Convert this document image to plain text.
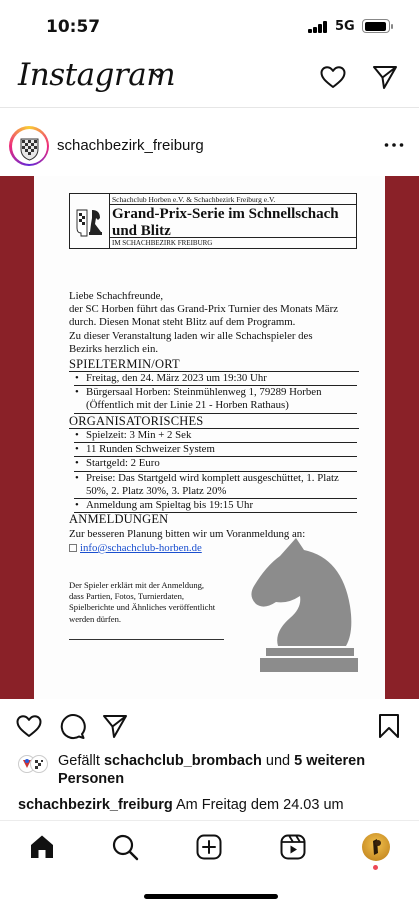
10:57	5G
Instagram
schachbezirk_freiburg
Schachclub Horben e.V. & Schachbezirk Freiburg e.V.
Grand-Prix-Serie im Schnellschach und Blitz
IM SCHACHBEZIRK FREIBURG
Liebe Schachfreunde,
der SC Horben führt das Grand-Prix Turnier des Monats März
durch. Diesen Monat steht Blitz auf dem Programm.
Zu dieser Veranstaltung laden wir alle Schachspieler des
Bezirks herzlich ein.
SPIELTERMIN/ORT
• Freitag, den 24. März 2023 um 19:30 Uhr
• Bürgersaal Horben: Steinmühlenweg 1, 79289 Horben (Öffentlich mit der Linie 21 - Horben Rathaus)
ORGANISATORISCHES
• Spielzeit: 3 Min + 2 Sek
• 11 Runden Schweizer System
• Startgeld: 2 Euro
• Preise: Das Startgeld wird komplett ausgeschüttet, 1. Platz 50%, 2. Platz 30%, 3. Platz 20%
• Anmeldung am Spieltag bis 19:15 Uhr
ANMELDUNGEN
Zur besseren Planung bitten wir um Voranmeldung an:
info@schachclub-horben.de
Der Spieler erklärt mit der Anmeldung, dass Partien, Fotos, Turnierdaten, Spielberichte und Ähnliches veröffentlicht werden dürfen.
Gefällt schachclub_brombach und 5 weiteren
Personen
schachbezirk_freiburg Am Freitag dem 24.03 um
